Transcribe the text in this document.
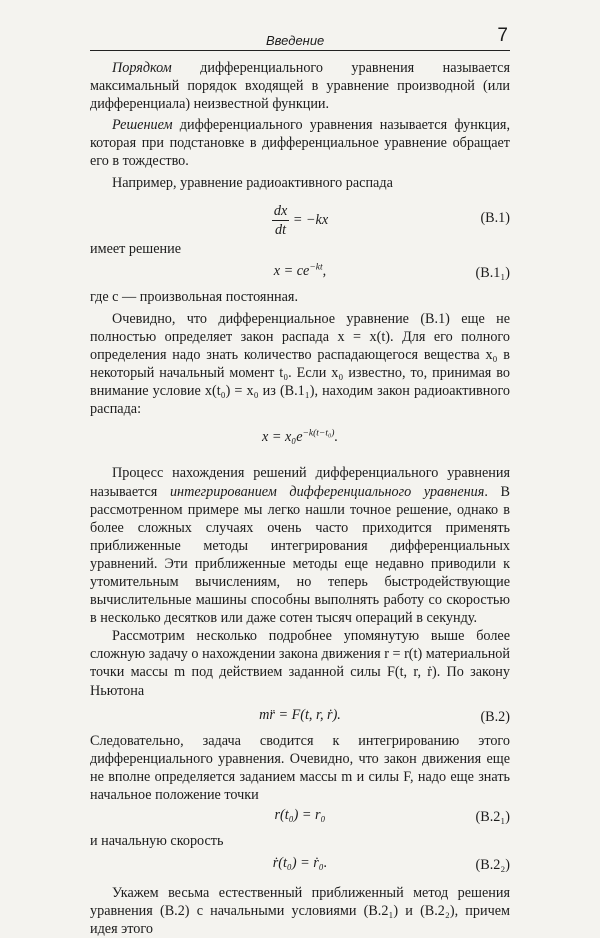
Введение	7

Порядком дифференциального уравнения называется максимальный порядок входящей в уравнение производной (или дифференциала) неизвестной функции.

Решением дифференциального уравнения называется функция, которая при подстановке в дифференциальное уравнение обращает его в тождество.

Например, уравнение радиоактивного распада

$\frac{dx}{dt} = -kx$	(В.1)

имеет решение

$x = ce^{-kt}$,	(В.1₁)

где c — произвольная постоянная.

Очевидно, что дифференциальное уравнение (В.1) еще не полностью определяет закон распада x = x(t). Для его полного определения надо знать количество распадающегося вещества x₀ в некоторый начальный момент t₀. Если x₀ известно, то, принимая во внимание условие x(t₀) = x₀ из (В.1₁), находим закон радиоактивного распада:

$x = x_0e^{-k(t-t_0)}$.

Процесс нахождения решений дифференциального уравнения называется интегрированием дифференциального уравнения. В рассмотренном примере мы легко нашли точное решение, однако в более сложных случаях очень часто приходится применять приближенные методы интегрирования дифференциальных уравнений. Эти приближенные методы еще недавно приводили к утомительным вычислениям, но теперь быстродействующие вычислительные машины способны выполнять работу со скоростью в несколько десятков или даже сотен тысяч операций в секунду.

Рассмотрим несколько подробнее упомянутую выше более сложную задачу о нахождении закона движения r = r(t) материальной точки массы m под действием заданной силы F(t, r, ṙ). По закону Ньютона

mr̈ = F(t, r, ṙ).	(В.2)

Следовательно, задача сводится к интегрированию этого дифференциального уравнения. Очевидно, что закон движения еще не вполне определяется заданием массы m и силы F, надо еще знать начальное положение точки

r(t₀) = r₀	(В.2₁)

и начальную скорость

ṙ(t₀) = ṙ₀.	(В.2₂)

Укажем весьма естественный приближенный метод решения уравнения (В.2) с начальными условиями (В.2₁) и (В.2₂), причем идея этого
